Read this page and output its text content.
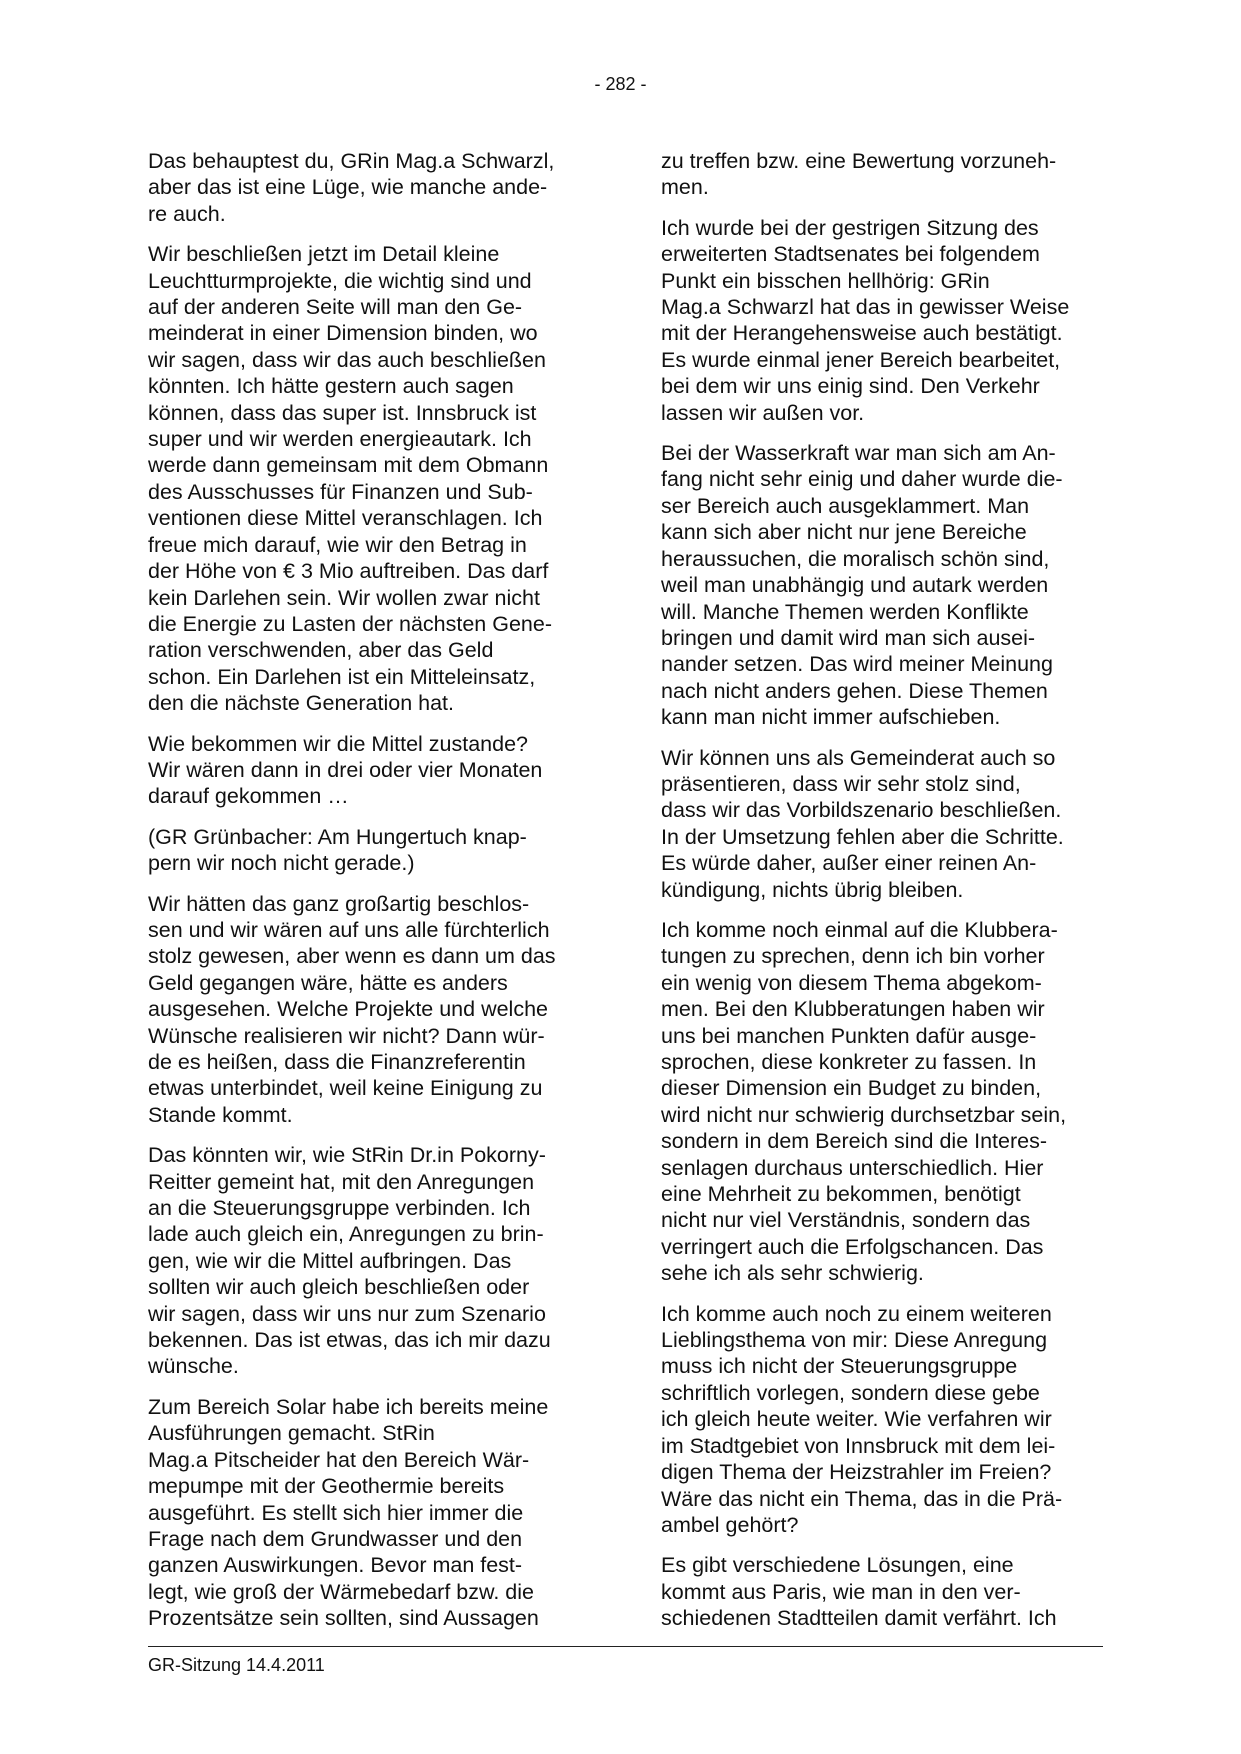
- 282 -

Das behauptest du, GRin Mag.a Schwarzl,
aber das ist eine Lüge, wie manche ande-
re auch.

Wir beschließen jetzt im Detail kleine
Leuchtturmprojekte, die wichtig sind und
auf der anderen Seite will man den Ge-
meinderat in einer Dimension binden, wo
wir sagen, dass wir das auch beschließen
könnten. Ich hätte gestern auch sagen
können, dass das super ist. Innsbruck ist
super und wir werden energieautark. Ich
werde dann gemeinsam mit dem Obmann
des Ausschusses für Finanzen und Sub-
ventionen diese Mittel veranschlagen. Ich
freue mich darauf, wie wir den Betrag in
der Höhe von € 3 Mio auftreiben. Das darf
kein Darlehen sein. Wir wollen zwar nicht
die Energie zu Lasten der nächsten Gene-
ration verschwenden, aber das Geld
schon. Ein Darlehen ist ein Mitteleinsatz,
den die nächste Generation hat.

Wie bekommen wir die Mittel zustande?
Wir wären dann in drei oder vier Monaten
darauf gekommen …

(GR Grünbacher: Am Hungertuch knap-
pern wir noch nicht gerade.)

Wir hätten das ganz großartig beschlos-
sen und wir wären auf uns alle fürchterlich
stolz gewesen, aber wenn es dann um das
Geld gegangen wäre, hätte es anders
ausgesehen. Welche Projekte und welche
Wünsche realisieren wir nicht? Dann wür-
de es heißen, dass die Finanzreferentin
etwas unterbindet, weil keine Einigung zu
Stande kommt.

Das könnten wir, wie StRin Dr.in Pokorny-
Reitter gemeint hat, mit den Anregungen
an die Steuerungsgruppe verbinden. Ich
lade auch gleich ein, Anregungen zu brin-
gen, wie wir die Mittel aufbringen. Das
sollten wir auch gleich beschließen oder
wir sagen, dass wir uns nur zum Szenario
bekennen. Das ist etwas, das ich mir dazu
wünsche.

Zum Bereich Solar habe ich bereits meine
Ausführungen gemacht. StRin
Mag.a Pitscheider hat den Bereich Wär-
mepumpe mit der Geothermie bereits
ausgeführt. Es stellt sich hier immer die
Frage nach dem Grundwasser und den
ganzen Auswirkungen. Bevor man fest-
legt, wie groß der Wärmebedarf bzw. die
Prozentsätze sein sollten, sind Aussagen

zu treffen bzw. eine Bewertung vorzuneh-
men.

Ich wurde bei der gestrigen Sitzung des
erweiterten Stadtsenates bei folgendem
Punkt ein bisschen hellhörig: GRin
Mag.a Schwarzl hat das in gewisser Weise
mit der Herangehensweise auch bestätigt.
Es wurde einmal jener Bereich bearbeitet,
bei dem wir uns einig sind. Den Verkehr
lassen wir außen vor.

Bei der Wasserkraft war man sich am An-
fang nicht sehr einig und daher wurde die-
ser Bereich auch ausgeklammert. Man
kann sich aber nicht nur jene Bereiche
heraussuchen, die moralisch schön sind,
weil man unabhängig und autark werden
will. Manche Themen werden Konflikte
bringen und damit wird man sich ausei-
nander setzen. Das wird meiner Meinung
nach nicht anders gehen. Diese Themen
kann man nicht immer aufschieben.

Wir können uns als Gemeinderat auch so
präsentieren, dass wir sehr stolz sind,
dass wir das Vorbildszenario beschließen.
In der Umsetzung fehlen aber die Schritte.
Es würde daher, außer einer reinen An-
kündigung, nichts übrig bleiben.

Ich komme noch einmal auf die Klubbera-
tungen zu sprechen, denn ich bin vorher
ein wenig von diesem Thema abgekom-
men. Bei den Klubberatungen haben wir
uns bei manchen Punkten dafür ausge-
sprochen, diese konkreter zu fassen. In
dieser Dimension ein Budget zu binden,
wird nicht nur schwierig durchsetzbar sein,
sondern in dem Bereich sind die Interes-
senlagen durchaus unterschiedlich. Hier
eine Mehrheit zu bekommen, benötigt
nicht nur viel Verständnis, sondern das
verringert auch die Erfolgschancen. Das
sehe ich als sehr schwierig.

Ich komme auch noch zu einem weiteren
Lieblingsthema von mir: Diese Anregung
muss ich nicht der Steuerungsgruppe
schriftlich vorlegen, sondern diese gebe
ich gleich heute weiter. Wie verfahren wir
im Stadtgebiet von Innsbruck mit dem lei-
digen Thema der Heizstrahler im Freien?
Wäre das nicht ein Thema, das in die Prä-
ambel gehört?

Es gibt verschiedene Lösungen, eine
kommt aus Paris, wie man in den ver-
schiedenen Stadtteilen damit verfährt. Ich

GR-Sitzung 14.4.2011
